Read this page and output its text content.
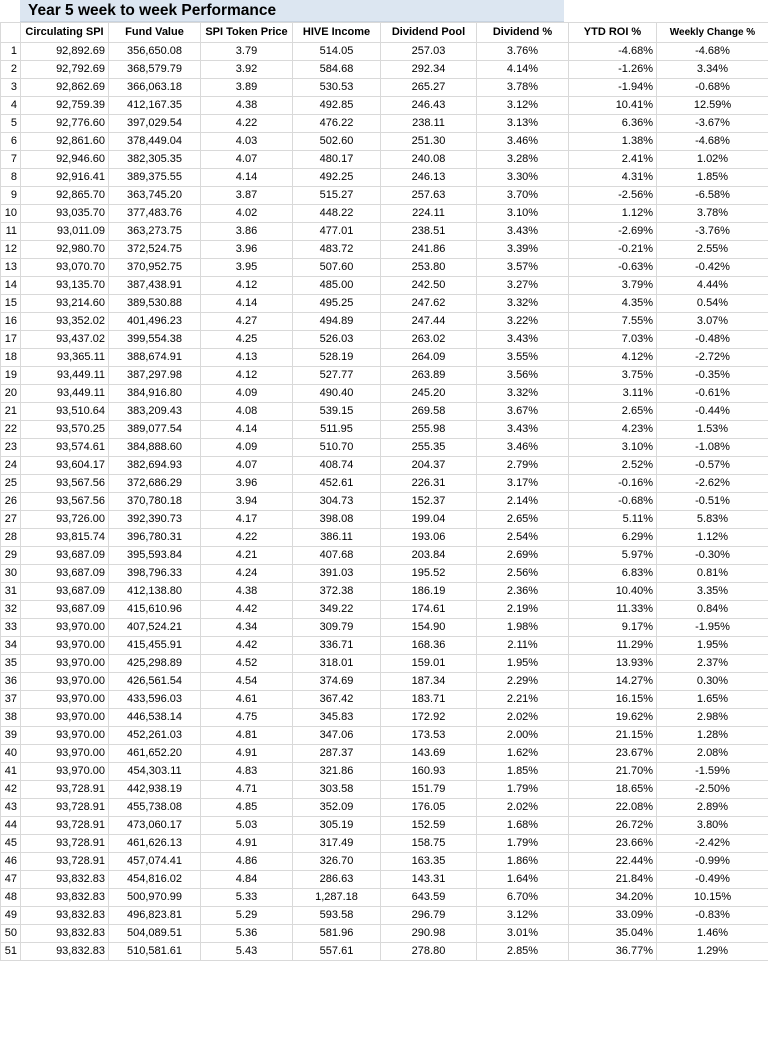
Year 5 week to week Performance
	Circulating SPI	Fund Value	SPI Token Price	HIVE Income	Dividend Pool	Dividend %	YTD ROI %	Weekly Change %
1	92,892.69	356,650.08	3.79	514.05	257.03	3.76%	-4.68%	-4.68%
2	92,792.69	368,579.79	3.92	584.68	292.34	4.14%	-1.26%	3.34%
3	92,862.69	366,063.18	3.89	530.53	265.27	3.78%	-1.94%	-0.68%
4	92,759.39	412,167.35	4.38	492.85	246.43	3.12%	10.41%	12.59%
5	92,776.60	397,029.54	4.22	476.22	238.11	3.13%	6.36%	-3.67%
6	92,861.60	378,449.04	4.03	502.60	251.30	3.46%	1.38%	-4.68%
7	92,946.60	382,305.35	4.07	480.17	240.08	3.28%	2.41%	1.02%
8	92,916.41	389,375.55	4.14	492.25	246.13	3.30%	4.31%	1.85%
9	92,865.70	363,745.20	3.87	515.27	257.63	3.70%	-2.56%	-6.58%
10	93,035.70	377,483.76	4.02	448.22	224.11	3.10%	1.12%	3.78%
11	93,011.09	363,273.75	3.86	477.01	238.51	3.43%	-2.69%	-3.76%
12	92,980.70	372,524.75	3.96	483.72	241.86	3.39%	-0.21%	2.55%
13	93,070.70	370,952.75	3.95	507.60	253.80	3.57%	-0.63%	-0.42%
14	93,135.70	387,438.91	4.12	485.00	242.50	3.27%	3.79%	4.44%
15	93,214.60	389,530.88	4.14	495.25	247.62	3.32%	4.35%	0.54%
16	93,352.02	401,496.23	4.27	494.89	247.44	3.22%	7.55%	3.07%
17	93,437.02	399,554.38	4.25	526.03	263.02	3.43%	7.03%	-0.48%
18	93,365.11	388,674.91	4.13	528.19	264.09	3.55%	4.12%	-2.72%
19	93,449.11	387,297.98	4.12	527.77	263.89	3.56%	3.75%	-0.35%
20	93,449.11	384,916.80	4.09	490.40	245.20	3.32%	3.11%	-0.61%
21	93,510.64	383,209.43	4.08	539.15	269.58	3.67%	2.65%	-0.44%
22	93,570.25	389,077.54	4.14	511.95	255.98	3.43%	4.23%	1.53%
23	93,574.61	384,888.60	4.09	510.70	255.35	3.46%	3.10%	-1.08%
24	93,604.17	382,694.93	4.07	408.74	204.37	2.79%	2.52%	-0.57%
25	93,567.56	372,686.29	3.96	452.61	226.31	3.17%	-0.16%	-2.62%
26	93,567.56	370,780.18	3.94	304.73	152.37	2.14%	-0.68%	-0.51%
27	93,726.00	392,390.73	4.17	398.08	199.04	2.65%	5.11%	5.83%
28	93,815.74	396,780.31	4.22	386.11	193.06	2.54%	6.29%	1.12%
29	93,687.09	395,593.84	4.21	407.68	203.84	2.69%	5.97%	-0.30%
30	93,687.09	398,796.33	4.24	391.03	195.52	2.56%	6.83%	0.81%
31	93,687.09	412,138.80	4.38	372.38	186.19	2.36%	10.40%	3.35%
32	93,687.09	415,610.96	4.42	349.22	174.61	2.19%	11.33%	0.84%
33	93,970.00	407,524.21	4.34	309.79	154.90	1.98%	9.17%	-1.95%
34	93,970.00	415,455.91	4.42	336.71	168.36	2.11%	11.29%	1.95%
35	93,970.00	425,298.89	4.52	318.01	159.01	1.95%	13.93%	2.37%
36	93,970.00	426,561.54	4.54	374.69	187.34	2.29%	14.27%	0.30%
37	93,970.00	433,596.03	4.61	367.42	183.71	2.21%	16.15%	1.65%
38	93,970.00	446,538.14	4.75	345.83	172.92	2.02%	19.62%	2.98%
39	93,970.00	452,261.03	4.81	347.06	173.53	2.00%	21.15%	1.28%
40	93,970.00	461,652.20	4.91	287.37	143.69	1.62%	23.67%	2.08%
41	93,970.00	454,303.11	4.83	321.86	160.93	1.85%	21.70%	-1.59%
42	93,728.91	442,938.19	4.71	303.58	151.79	1.79%	18.65%	-2.50%
43	93,728.91	455,738.08	4.85	352.09	176.05	2.02%	22.08%	2.89%
44	93,728.91	473,060.17	5.03	305.19	152.59	1.68%	26.72%	3.80%
45	93,728.91	461,626.13	4.91	317.49	158.75	1.79%	23.66%	-2.42%
46	93,728.91	457,074.41	4.86	326.70	163.35	1.86%	22.44%	-0.99%
47	93,832.83	454,816.02	4.84	286.63	143.31	1.64%	21.84%	-0.49%
48	93,832.83	500,970.99	5.33	1,287.18	643.59	6.70%	34.20%	10.15%
49	93,832.83	496,823.81	5.29	593.58	296.79	3.12%	33.09%	-0.83%
50	93,832.83	504,089.51	5.36	581.96	290.98	3.01%	35.04%	1.46%
51	93,832.83	510,581.61	5.43	557.61	278.80	2.85%	36.77%	1.29%
